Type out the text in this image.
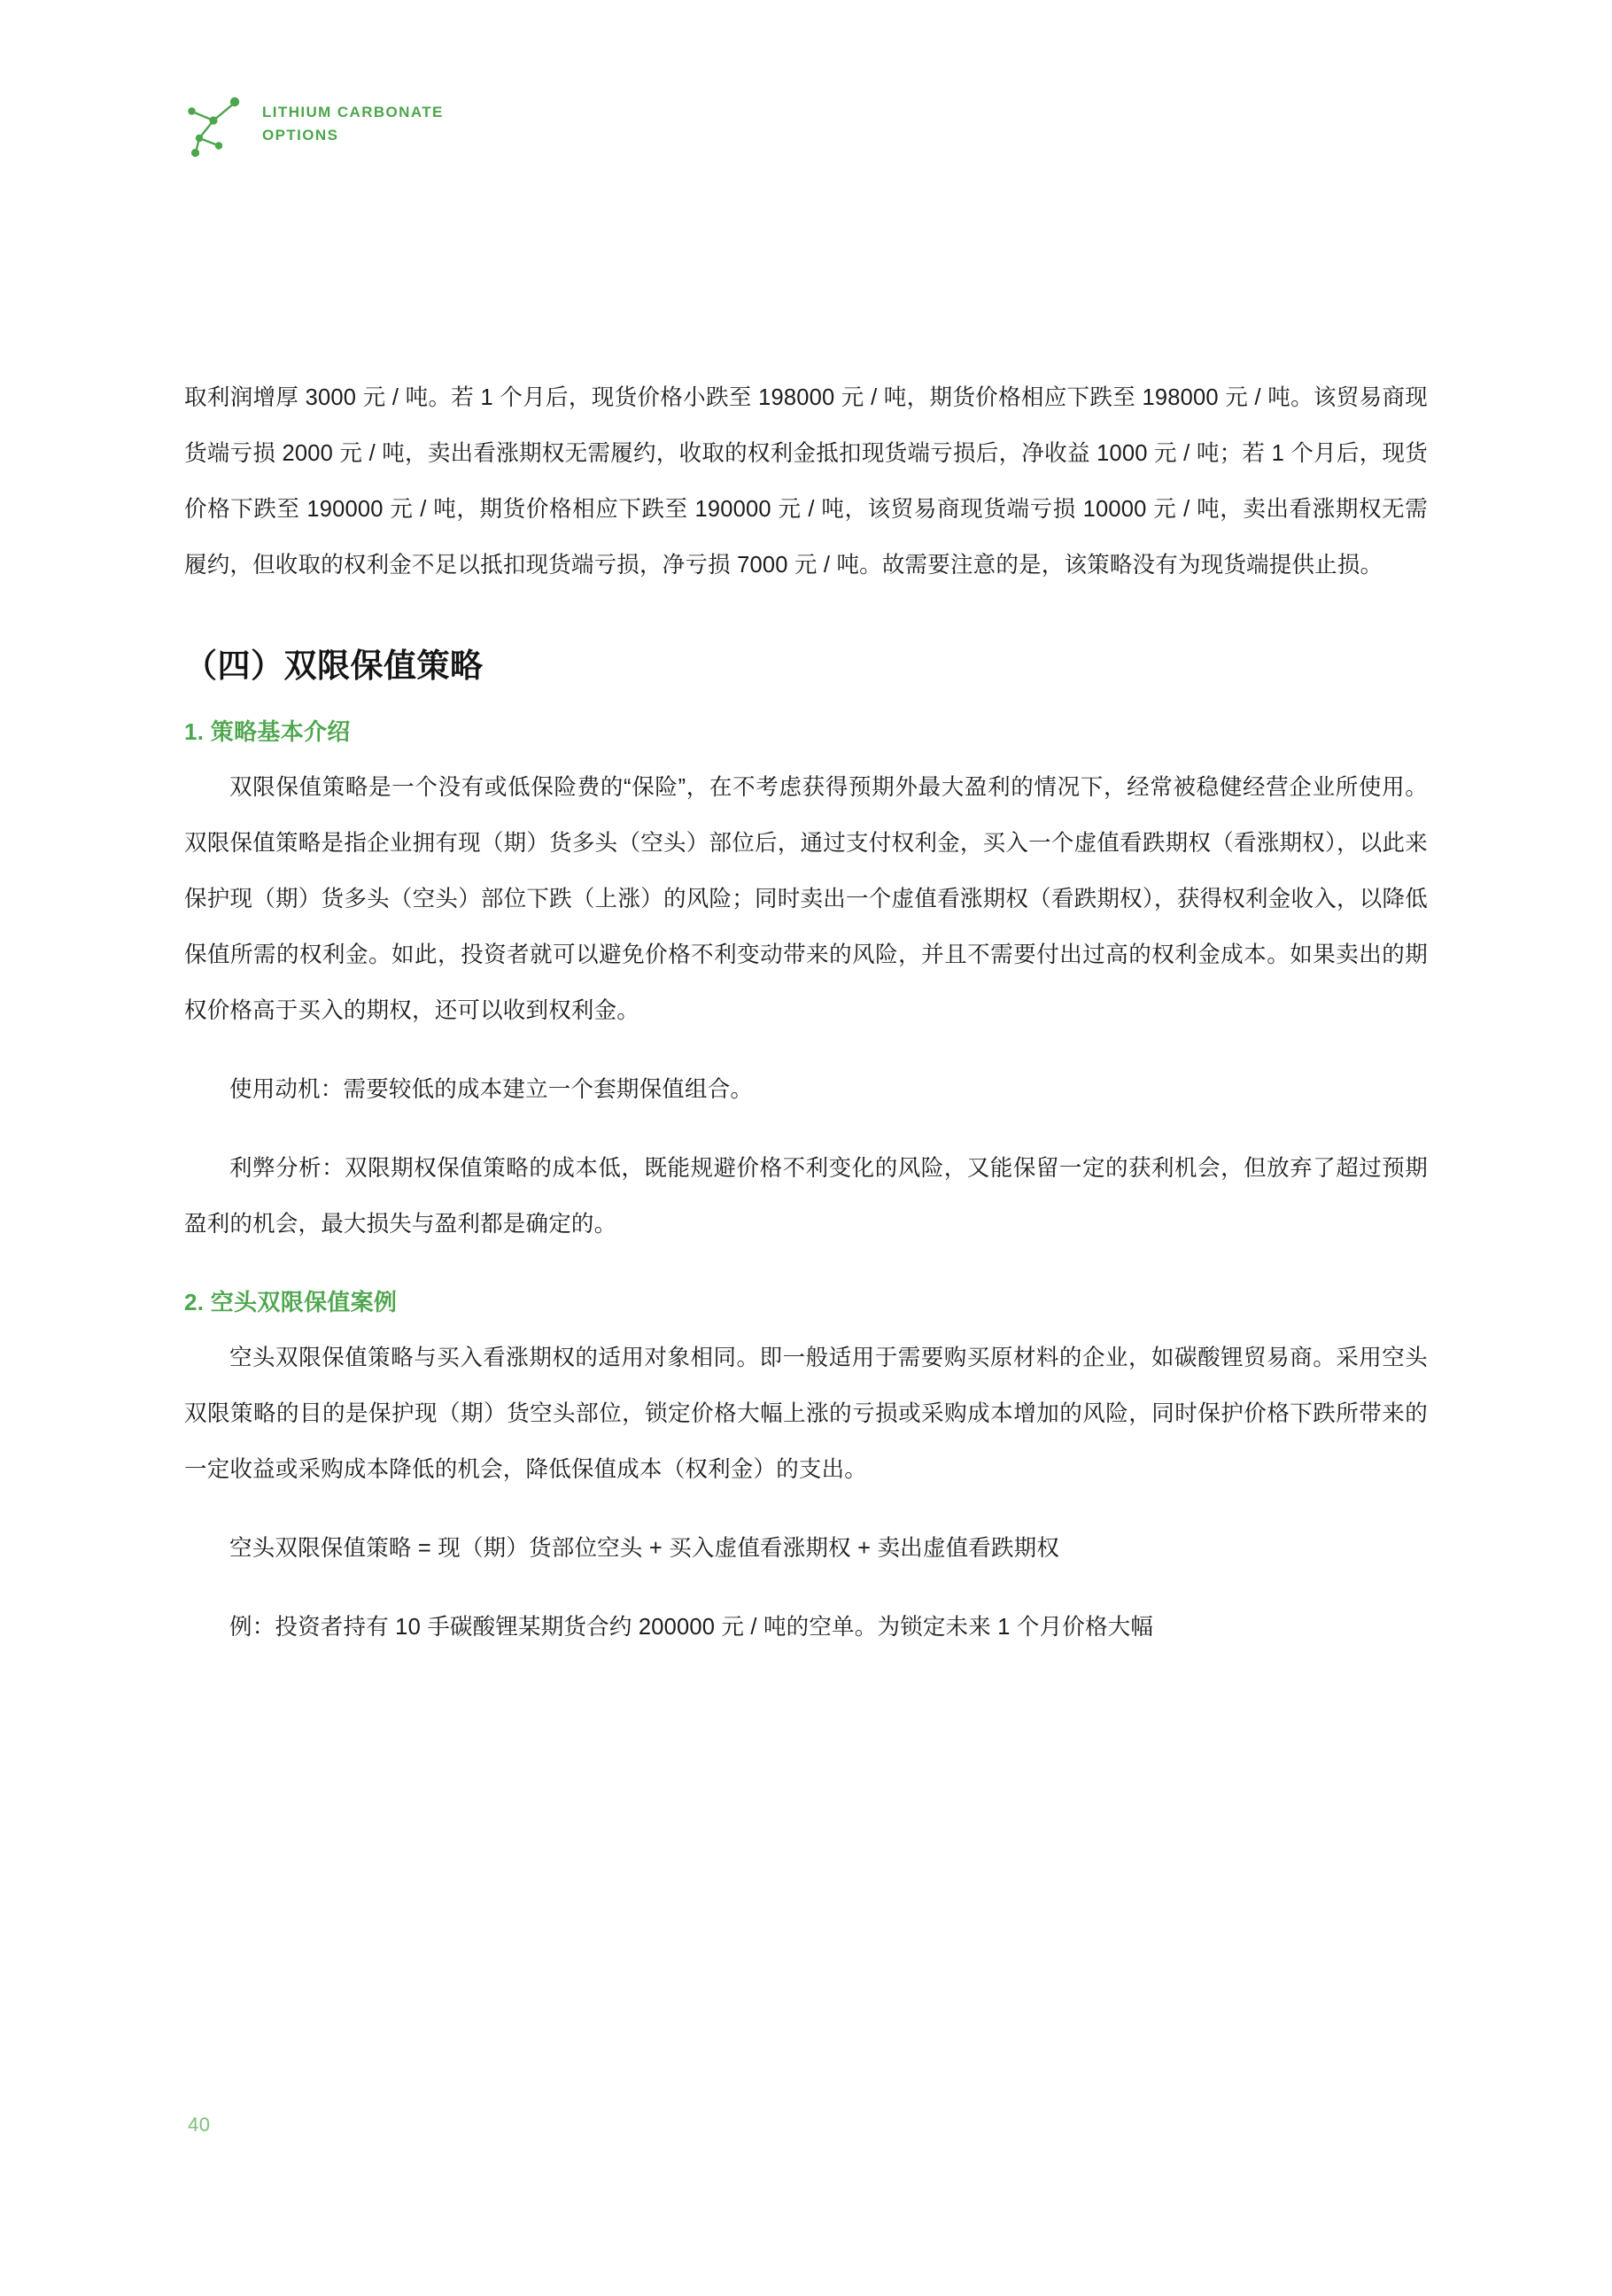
LITHIUM CARBONATE
OPTIONS

取利润增厚 3000 元 / 吨。若 1 个月后，现货价格小跌至 198000 元 / 吨，期货价格相应下跌至 198000 元 / 吨。该贸易商现货端亏损 2000 元 / 吨，卖出看涨期权无需履约，收取的权利金抵扣现货端亏损后，净收益 1000 元 / 吨；若 1 个月后，现货价格下跌至 190000 元 / 吨，期货价格相应下跌至 190000 元 / 吨，该贸易商现货端亏损 10000 元 / 吨，卖出看涨期权无需履约，但收取的权利金不足以抵扣现货端亏损，净亏损 7000 元 / 吨。故需要注意的是，该策略没有为现货端提供止损。

（四）双限保值策略
1. 策略基本介绍

双限保值策略是一个没有或低保险费的“保险”，在不考虑获得预期外最大盈利的情况下，经常被稳健经营企业所使用。双限保值策略是指企业拥有现（期）货多头（空头）部位后，通过支付权利金，买入一个虚值看跌期权（看涨期权），以此来保护现（期）货多头（空头）部位下跌（上涨）的风险；同时卖出一个虚值看涨期权（看跌期权），获得权利金收入，以降低保值所需的权利金。如此，投资者就可以避免价格不利变动带来的风险，并且不需要付出过高的权利金成本。如果卖出的期权价格高于买入的期权，还可以收到权利金。

使用动机：需要较低的成本建立一个套期保值组合。

利弊分析：双限期权保值策略的成本低，既能规避价格不利变化的风险，又能保留一定的获利机会，但放弃了超过预期盈利的机会，最大损失与盈利都是确定的。

2. 空头双限保值案例

空头双限保值策略与买入看涨期权的适用对象相同。即一般适用于需要购买原材料的企业，如碳酸锂贸易商。采用空头双限策略的目的是保护现（期）货空头部位，锁定价格大幅上涨的亏损或采购成本增加的风险，同时保护价格下跌所带来的一定收益或采购成本降低的机会，降低保值成本（权利金）的支出。

空头双限保值策略 = 现（期）货部位空头 + 买入虚值看涨期权 + 卖出虚值看跌期权

例：投资者持有 10 手碳酸锂某期货合约 200000 元 / 吨的空单。为锁定未来 1 个月价格大幅

40
